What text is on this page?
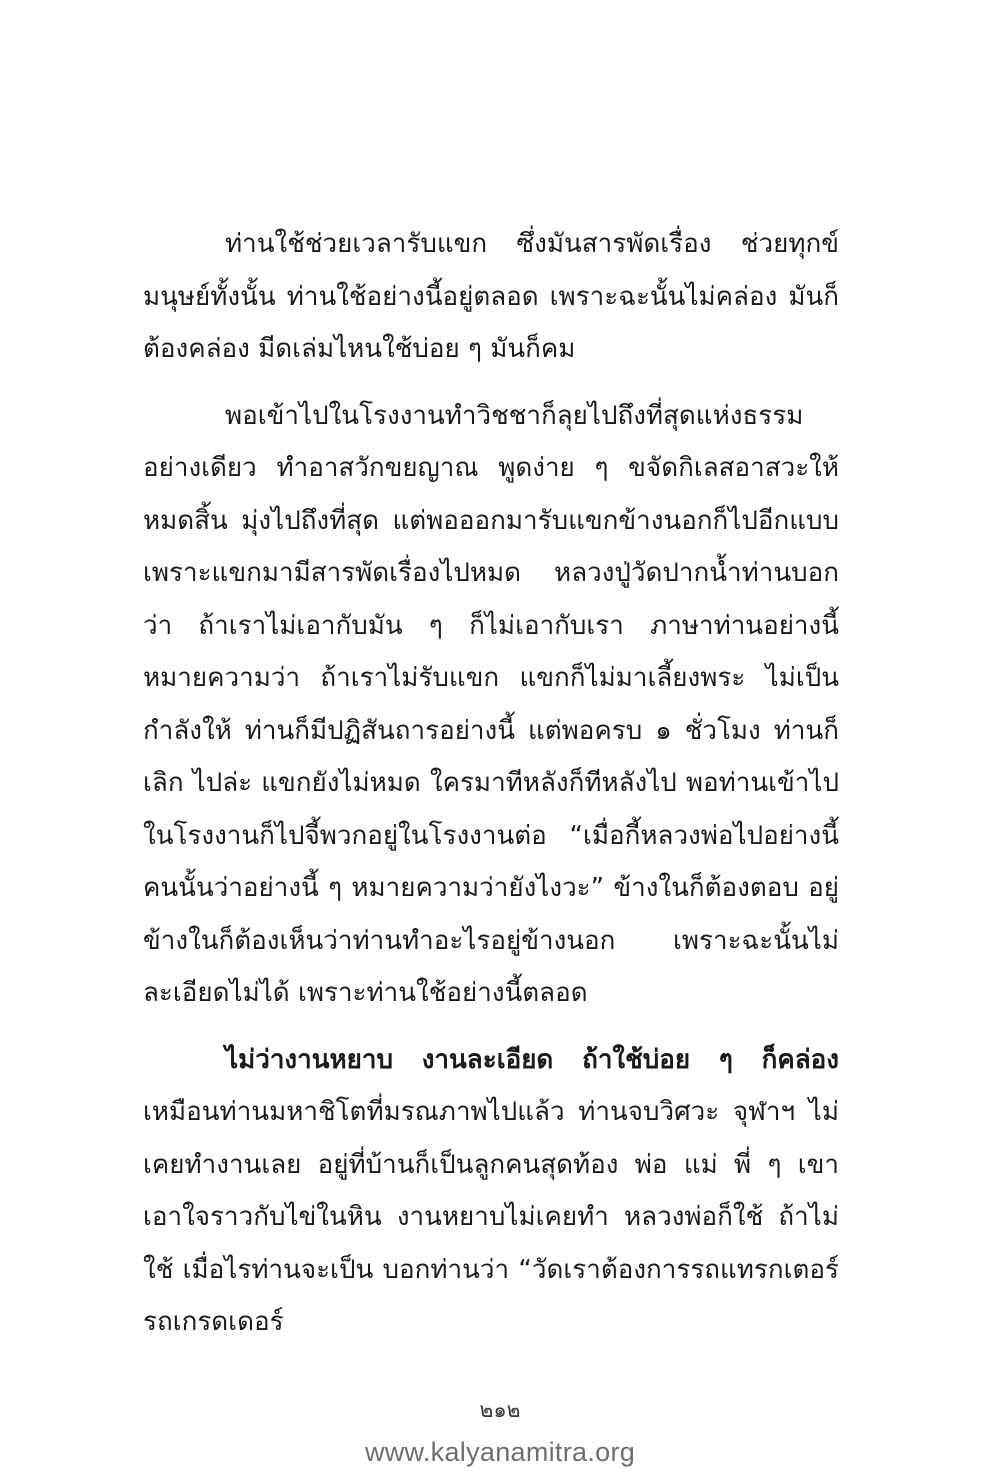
ท่านใช้ช่วยเวลารับแขก ซึ่งมันสารพัดเรื่อง ช่วยทุกข์มนุษย์ทั้งนั้น ท่านใช้อย่างนี้อยู่ตลอด เพราะฉะนั้นไม่คล่อง มันก็ต้องคล่อง มีดเล่มไหนใช้บ่อย ๆ มันก็คม

พอเข้าไปในโรงงานทำวิชชาก็ลุยไปถึงที่สุดแห่งธรรมอย่างเดียว ทำอาสวักขยญาณ พูดง่าย ๆ ขจัดกิเลสอาสวะให้หมดสิ้น มุ่งไปถึงที่สุด แต่พอออกมารับแขกข้างนอกก็ไปอีกแบบ เพราะแขกมามีสารพัดเรื่องไปหมด หลวงปู่วัดปากน้ำท่านบอกว่า ถ้าเราไม่เอากับมัน ๆ ก็ไม่เอากับเรา ภาษาท่านอย่างนี้ หมายความว่า ถ้าเราไม่รับแขก แขกก็ไม่มาเลี้ยงพระ ไม่เป็นกำลังให้ ท่านก็มีปฏิสันถารอย่างนี้ แต่พอครบ ๑ ชั่วโมง ท่านก็เลิก ไปล่ะ แขกยังไม่หมด ใครมาทีหลังก็ทีหลังไป พอท่านเข้าไปในโรงงานก็ไปจี้พวกอยู่ในโรงงานต่อ “เมื่อกี้หลวงพ่อไปอย่างนี้ คนนั้นว่าอย่างนี้ ๆ หมายความว่ายังไงวะ” ข้างในก็ต้องตอบ อยู่ข้างในก็ต้องเห็นว่าท่านทำอะไรอยู่ข้างนอก เพราะฉะนั้นไม่ละเอียดไม่ได้ เพราะท่านใช้อย่างนี้ตลอด

ไม่ว่างานหยาบ งานละเอียด ถ้าใช้บ่อย ๆ ก็คล่อง เหมือนท่านมหาชิโตที่มรณภาพไปแล้ว ท่านจบวิศวะ จุฬาฯ ไม่เคยทำงานเลย อยู่ที่บ้านก็เป็นลูกคนสุดท้อง พ่อ แม่ พี่ ๆ เขาเอาใจราวกับไข่ในหิน งานหยาบไม่เคยทำ หลวงพ่อก็ใช้ ถ้าไม่ใช้ เมื่อไรท่านจะเป็น บอกท่านว่า “วัดเราต้องการรถแทรกเตอร์ รถเกรดเดอร์

๒๑๒
www.kalyanamitra.org
